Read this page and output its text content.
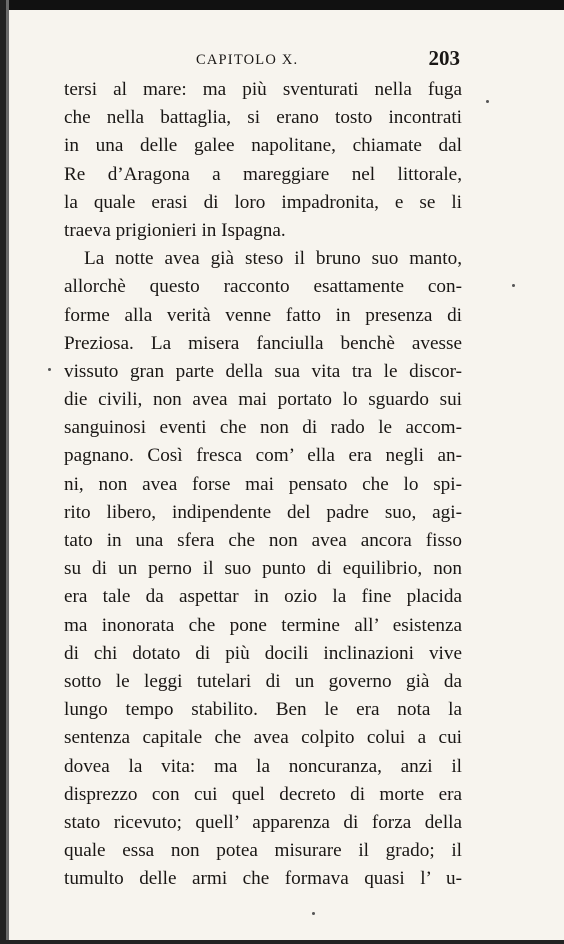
CAPITOLO X.	203
tersi al mare: ma più sventurati nella fuga
che nella battaglia, si erano tosto incontrati
in una delle galee napolitane, chiamate dal
Re d’Aragona a mareggiare nel littorale,
la quale erasi di loro impadronita, e se li
traeva prigionieri in Ispagna.
La notte avea già steso il bruno suo manto,
allorchè questo racconto esattamente con-
forme alla verità venne fatto in presenza di
Preziosa. La misera fanciulla benchè avesse
vissuto gran parte della sua vita tra le discor-
die civili, non avea mai portato lo sguardo sui
sanguinosi eventi che non di rado le accom-
pagnano. Così fresca com’ ella era negli an-
ni, non avea forse mai pensato che lo spi-
rito libero, indipendente del padre suo, agi-
tato in una sfera che non avea ancora fisso
su di un perno il suo punto di equilibrio, non
era tale da aspettar in ozio la fine placida
ma inonorata che pone termine all’ esistenza
di chi dotato di più docili inclinazioni vive
sotto le leggi tutelari di un governo già da
lungo tempo stabilito. Ben le era nota la
sentenza capitale che avea colpito colui a cui
dovea la vita: ma la noncuranza, anzi il
disprezzo con cui quel decreto di morte era
stato ricevuto; quell’ apparenza di forza della
quale essa non potea misurare il grado; il
tumulto delle armi che formava quasi l’ u-
